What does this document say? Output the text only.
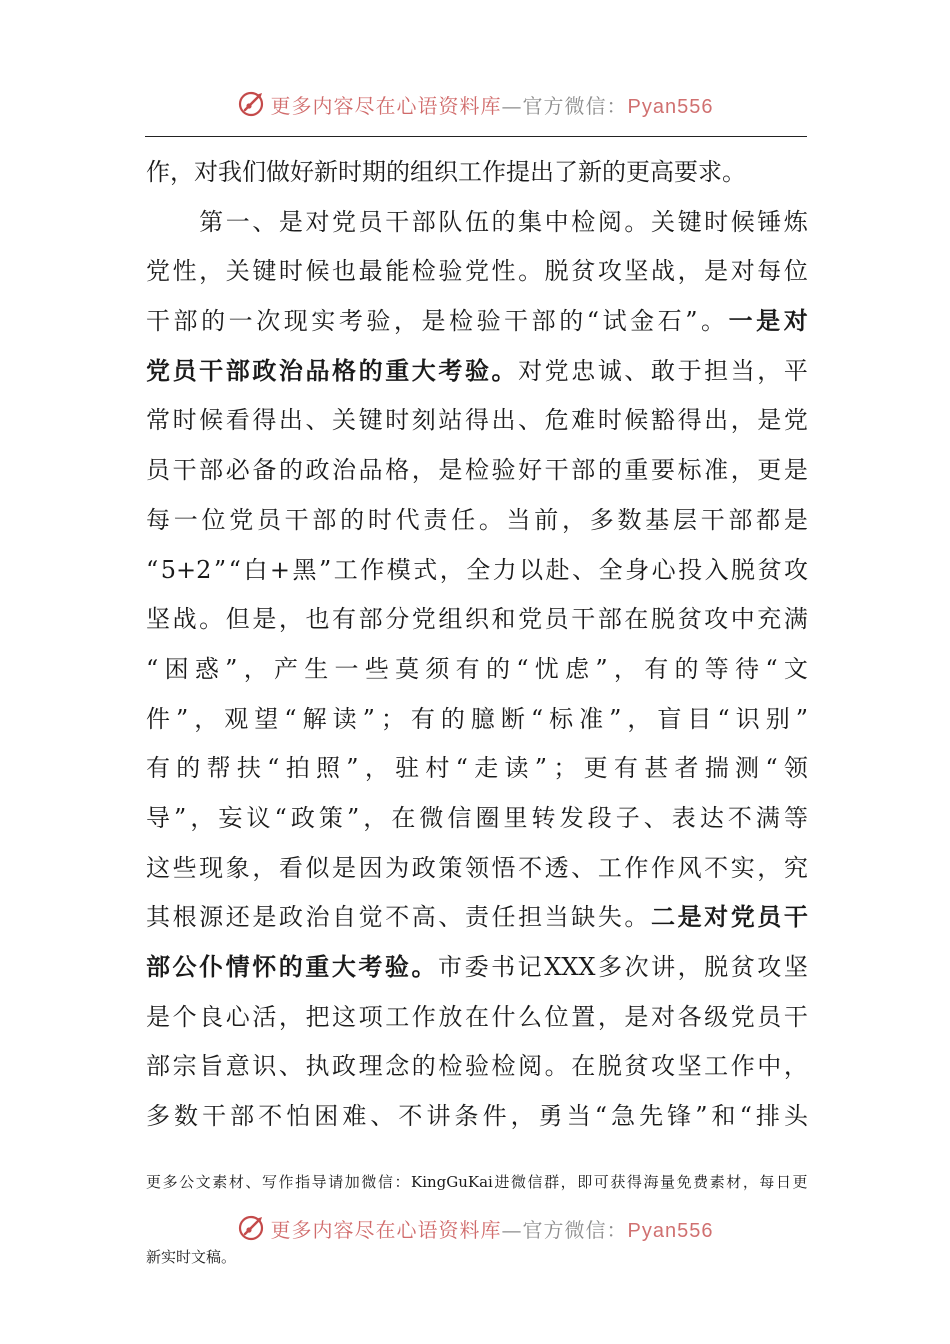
更多内容尽在心语资料库—官方微信：Pyan556
作 ， 对 我 们 做 好 新 时 期 的 组 织 工 作 提 出 了 新 的 更 高 要 求 。

第 一 、 是 对 党 员 干 部 队 伍 的 集 中 检 阅 。 关 键 时 候 锤 炼
党 性 ， 关 键 时 候 也 最 能 检 验 党 性 。 脱 贫 攻 坚 战 ， 是 对 每 位
干 部 的 一 次 现 实 考 验 ， 是 检 验 干 部 的 “ 试 金 石 ” 。 一 是 对
党 员 干 部 政 治 品 格 的 重 大 考 验 。 对 党 忠 诚 、 敢 于 担 当 ， 平
常 时 候 看 得 出 、 关 键 时 刻 站 得 出 、 危 难 时 候 豁 得 出 ， 是 党
员 干 部 必 备 的 政 治 品 格 ， 是 检 验 好 干 部 的 重 要 标 准 ， 更 是
每 一 位 党 员 干 部 的 时 代 责 任 。 当 前 ， 多 数 基 层 干 部 都 是
“ 5+2 ” “ 白 + 黑 ” 工 作 模 式 ， 全 力 以 赴 、 全 身 心 投 入 脱 贫 攻
坚 战 。 但 是 ， 也 有 部 分 党 组 织 和 党 员 干 部 在 脱 贫 攻 中 充 满
“ 困 惑 ” ， 产 生 一 些 莫 须 有 的 “ 忧 虑 ” ， 有 的 等 待 “ 文
件 ” ， 观 望 “ 解 读 ” ； 有 的 臆 断 “ 标 准 ” ， 盲 目 “ 识 别 ”
有 的 帮 扶 “ 拍 照 ” ， 驻 村 “ 走 读 ” ； 更 有 甚 者 揣 测 “ 领
导 ” ， 妄 议 “ 政 策 ” ， 在 微 信 圈 里 转 发 段 子 、 表 达 不 满 等
这 些 现 象 ， 看 似 是 因 为 政 策 领 悟 不 透 、 工 作 作 风 不 实 ， 究
其 根 源 还 是 政 治 自 觉 不 高 、 责 任 担 当 缺 失 。 二 是 对 党 员 干
部 公 仆 情 怀 的 重 大 考 验 。 市 委 书 记 XXX 多 次 讲 ， 脱 贫 攻 坚
是 个 良 心 活 ， 把 这 项 工 作 放 在 什 么 位 置 ， 是 对 各 级 党 员 干
部 宗 旨 意 识 、 执 政 理 念 的 检 验 检 阅 。 在 脱 贫 攻 坚 工 作 中 ，
多 数 干 部 不 怕 困 难 、 不 讲 条 件 ， 勇 当 “ 急 先 锋 ” 和 “ 排 头
更 多 公 文 素 材 、 写 作 指 导 请 加 微 信 ： KingGuKai 进 微 信 群 ， 即 可 获 得 海 量 免 费 素 材 ， 每 日 更
更多内容尽在心语资料库—官方微信：Pyan556
新实时文稿。
